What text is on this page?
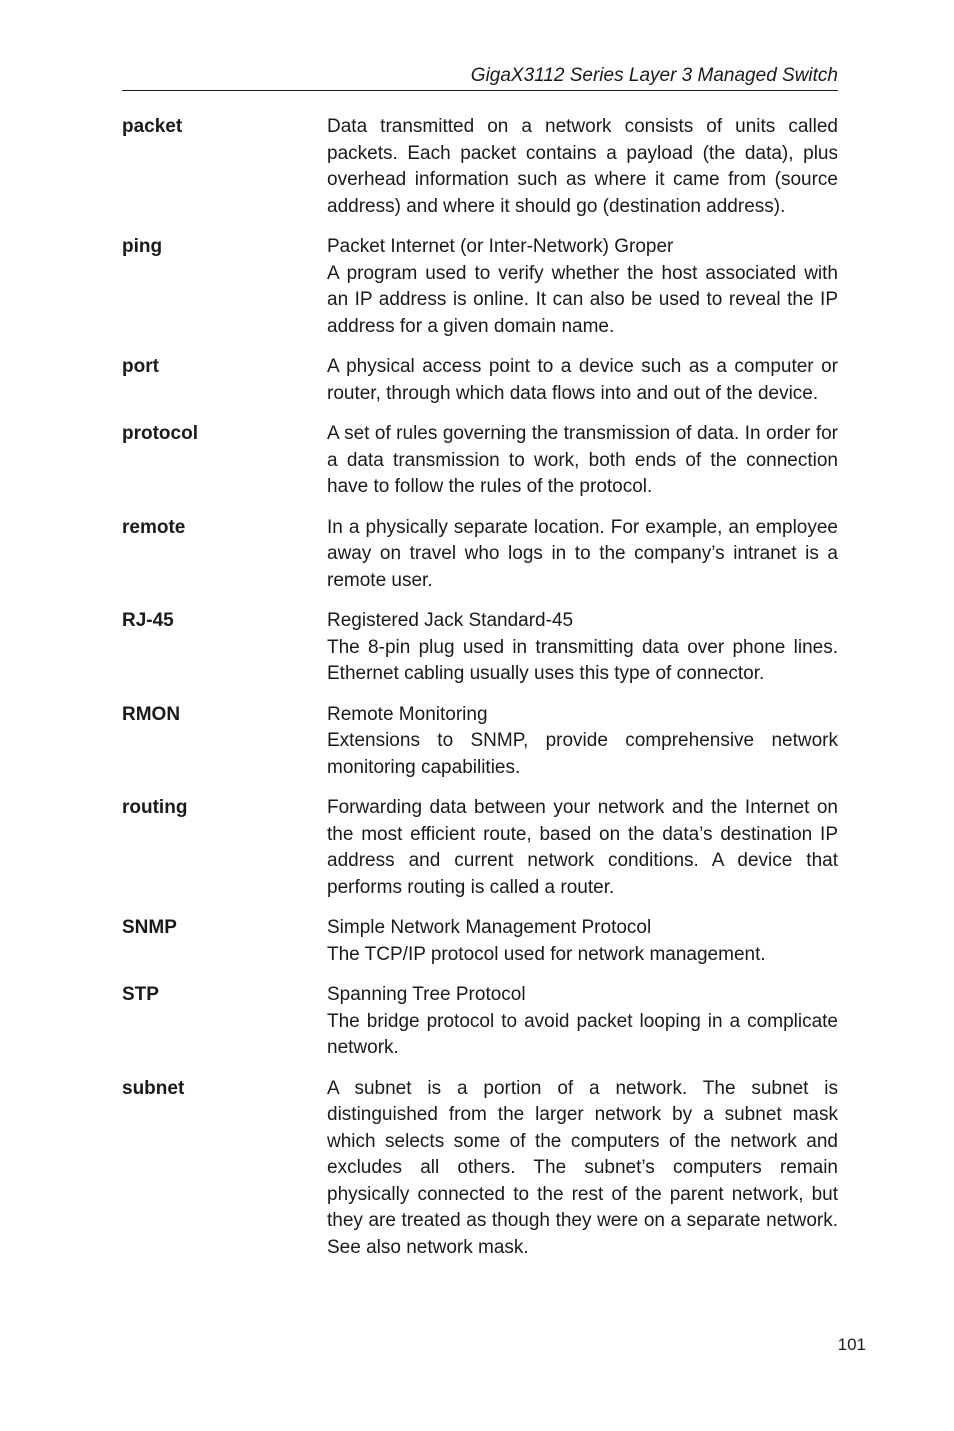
GigaX3112 Series Layer 3 Managed Switch
packet	Data transmitted on a network consists of units called packets. Each packet contains a payload (the data), plus overhead information such as where it came from (source address) and where it should go (destination address).
ping	Packet Internet (or Inter-Network) Groper
A program used to verify whether the host associated with an IP address is online. It can also be used to reveal the IP address for a given domain name.
port	A physical access point to a device such as a computer or router, through which data flows into and out of the device.
protocol	A set of rules governing the transmission of data. In order for a data transmission to work, both ends of the connection have to follow the rules of the protocol.
remote	In a physically separate location. For example, an employee away on travel who logs in to the company’s intranet is a remote user.
RJ-45	Registered Jack Standard-45
The 8-pin plug used in transmitting data over phone lines. Ethernet cabling usually uses this type of connector.
RMON	Remote Monitoring
Extensions to SNMP, provide comprehensive network monitoring capabilities.
routing	Forwarding data between your network and the Internet on the most efficient route, based on the data’s destination IP address and current network conditions. A device that performs routing is called a router.
SNMP	Simple Network Management Protocol
The TCP/IP protocol used for network management.
STP	Spanning Tree Protocol
The bridge protocol to avoid packet looping in a complicate network.
subnet	A subnet is a portion of a network. The subnet is distinguished from the larger network by a subnet mask which selects some of the computers of the network and excludes all others. The subnet’s computers remain physically connected to the rest of the parent network, but they are treated as though they were on a separate network. See also network mask.
101
